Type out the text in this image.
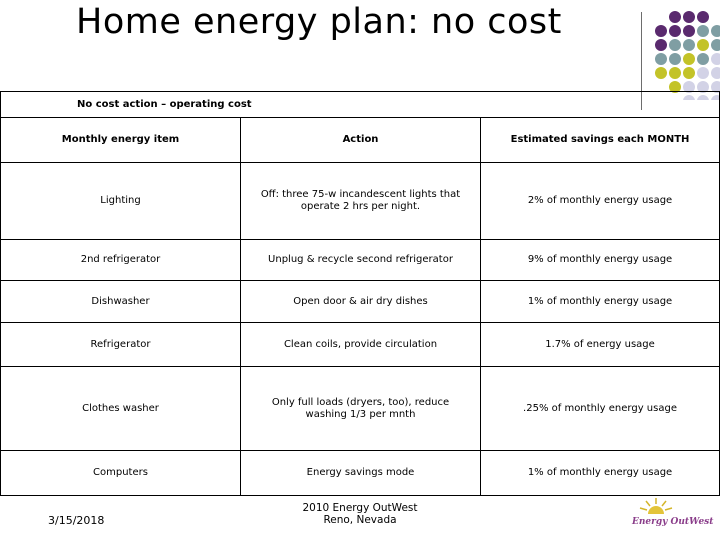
Home energy plan: no cost
No cost action – operating cost		
Monthly energy item	Action	Estimated savings each MONTH
Lighting	Off: three 75-w incandescent lights that operate 2 hrs per night.	2% of monthly energy usage
2nd refrigerator	Unplug & recycle second refrigerator	9% of monthly energy usage
Dishwasher	Open door & air dry dishes	1% of monthly energy usage
Refrigerator	Clean coils, provide circulation	1.7% of energy usage
Clothes washer	Only full loads (dryers, too), reduce washing 1/3 per mnth	.25% of monthly energy usage
Computers	Energy savings mode	1% of monthly energy usage
3/15/2018
2010 Energy OutWest
Reno, Nevada	Energy OutWest
